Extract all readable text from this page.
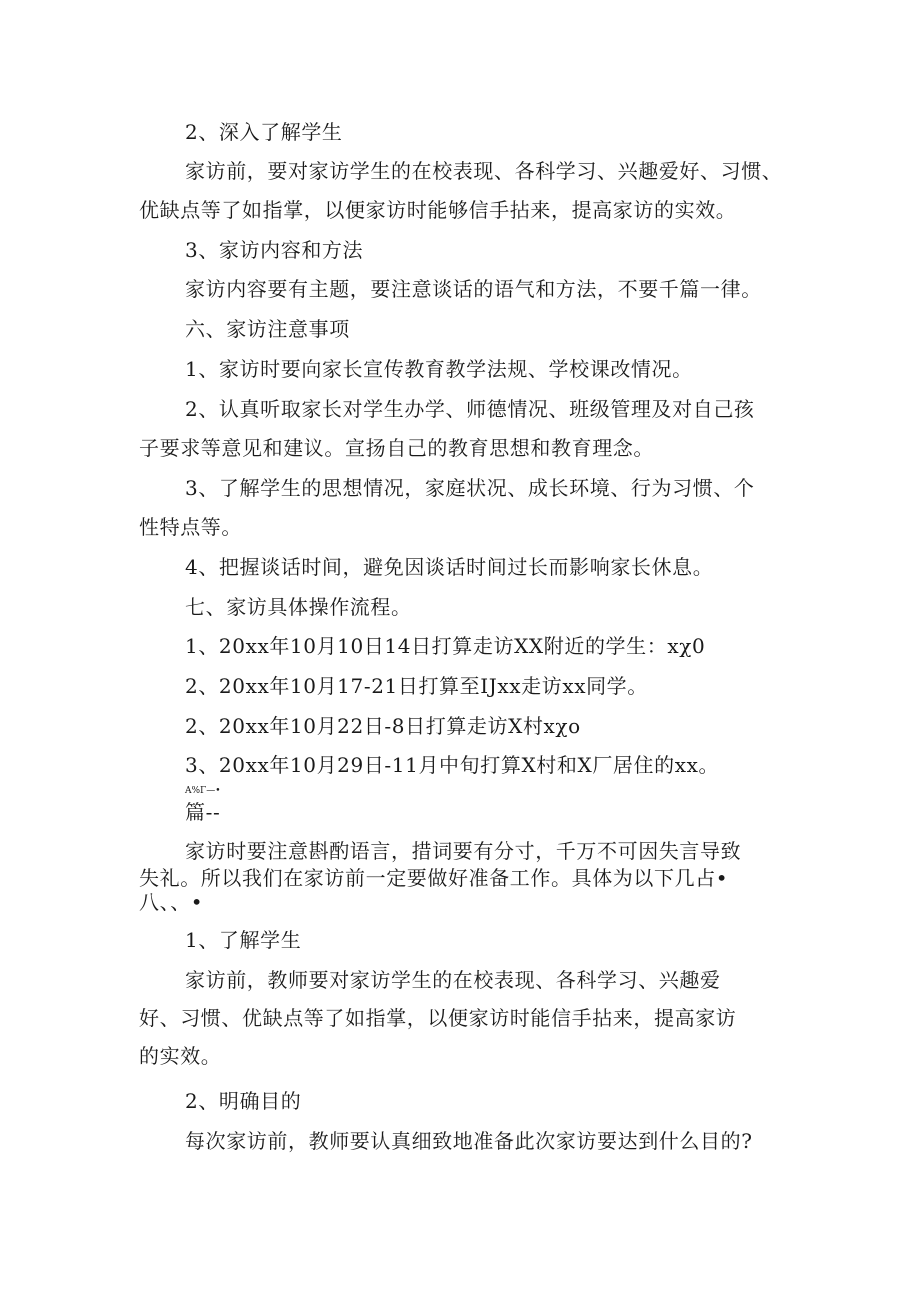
2、深入了解学生
家访前，要对家访学生的在校表现、各科学习、兴趣爱好、习惯、
优缺点等了如指掌，以便家访时能够信手拈来，提高家访的实效。
3、家访内容和方法
家访内容要有主题，要注意谈话的语气和方法，不要千篇一律。
六、家访注意事项
1、家访时要向家长宣传教育教学法规、学校课改情况。
2、认真听取家长对学生办学、师德情况、班级管理及对自己孩
子要求等意见和建议。宣扬自己的教育思想和教育理念。
3、了解学生的思想情况，家庭状况、成长环境、行为习惯、个
性特点等。
4、把握谈话时间，避免因谈话时间过长而影响家长休息。
七、家访具体操作流程。
1、20xx年10月10日14日打算走访XX附近的学生：xχ0
2、20xx年10月17-21日打算至IJxx走访xx同学。
2、20xx年10月22日-8日打算走访X村xχo
3、20xx年10月29日-11月中旬打算X村和X厂居住的xx。
A%Γ—•
篇--
家访时要注意斟酌语言，措词要有分寸，千万不可因失言导致
失礼。所以我们在家访前一定要做好准备工作。具体为以下几占•
八、、•
1、了解学生
家访前，教师要对家访学生的在校表现、各科学习、兴趣爱
好、习惯、优缺点等了如指掌，以便家访时能信手拈来，提高家访
的实效。
2、明确目的
每次家访前，教师要认真细致地准备此次家访要达到什么目的?
